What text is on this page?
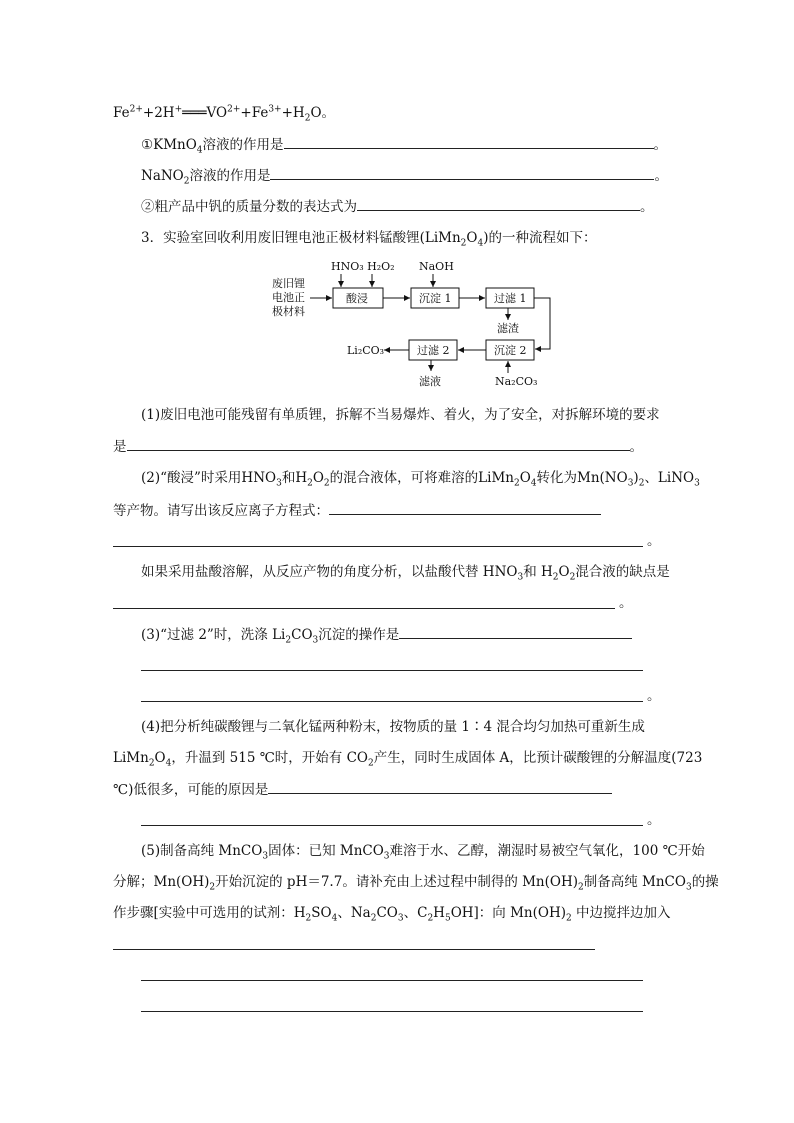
$Fe^{2+}+2H^+═══VO^{2+}+Fe^{3+}+H_2O$。
①KMnO$_4$溶液的作用是	。
NaNO$_2$溶液的作用是	。
②粗产品中钒的质量分数的表达式为	。
3．实验室回收利用废旧锂电池正极材料锰酸锂$(LiMn_2O_4)$的一种流程如下：
废旧锂
电池正
极材料
HNO₃ H₂O₂
酸浸
NaOH
沉淀 1	过滤 1
滤渣
沉淀 2
Na₂CO₃
过滤 2
滤液
Li₂CO₃
(1)废旧电池可能残留有单质锂，拆解不当易爆炸、着火，为了安全，对拆解环境的要求
是	。
(2)“酸浸”时采用$HNO_3$和$H_2O_2$的混合液体，可将难溶的$LiMn_2O_4$转化为$Mn(NO_3)_2$、LiNO$_3$
等产物。请写出该反应离子方程式：
。
如果采用盐酸溶解，从反应产物的角度分析，以盐酸代替 $HNO_3$和 $H_2O_2$混合液的缺点是
。
(3)“过滤 2”时，洗涤 $Li_2CO_3$沉淀的操作是
。
(4)把分析纯碳酸锂与二氧化锰两种粉末，按物质的量 1∶4 混合均匀加热可重新生成
$LiMn_2O_4$，升温到 515 ℃时，开始有 $CO_2$产生，同时生成固体 A，比预计碳酸锂的分解温度(723
℃)低很多，可能的原因是
。
(5)制备高纯 MnCO$_3$固体：已知 MnCO$_3$难溶于水、乙醇，潮湿时易被空气氧化，100 ℃开始
分解；$Mn(OH)_2$开始沉淀的 pH＝7.7。请补充由上述过程中制得的 $Mn(OH)_2$制备高纯 MnCO$_3$的操
作步骤[实验中可选用的试剂：$H_2SO_4$、$Na_2CO_3$、$C_2H_5OH$]：向 $Mn(OH)_2$ 中边搅拌边加入
